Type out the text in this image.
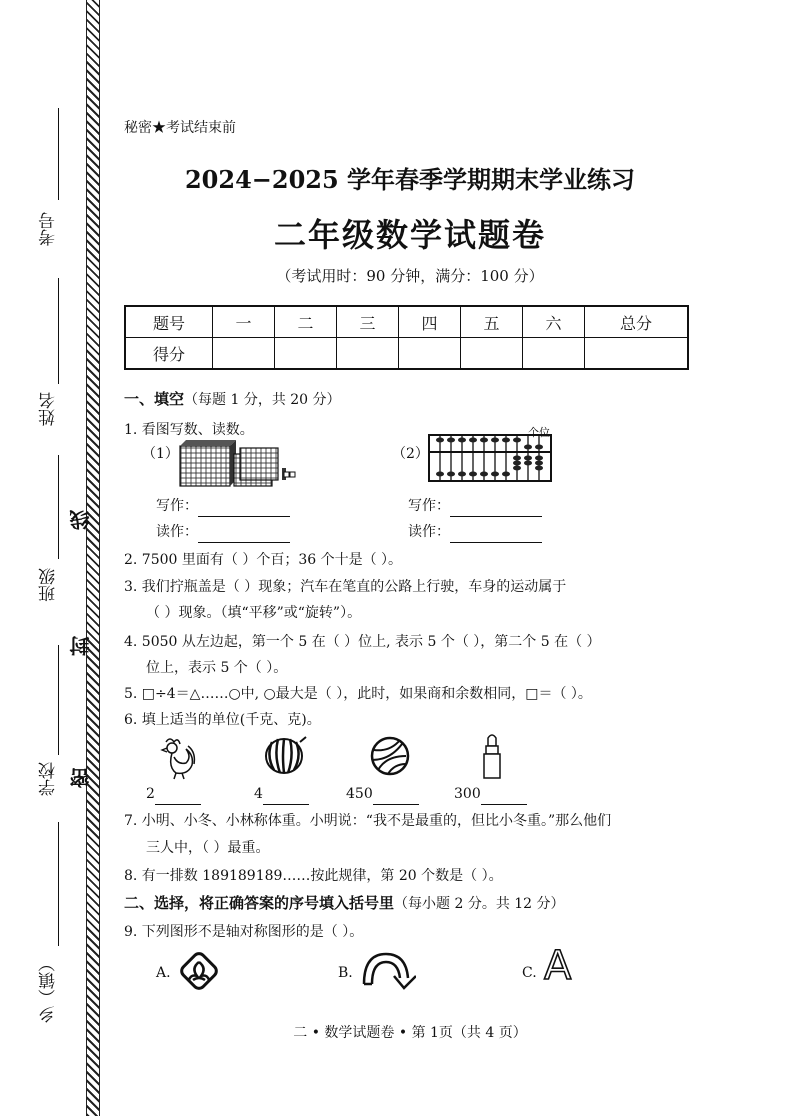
考号
姓名
班级
学校
乡（镇）
线
封
密
秘密★考试结束前
2024−2025 学年春季学期期末学业练习
二年级数学试题卷
（考试用时：90 分钟，满分：100 分）
题号	一	二	三	四	五	六	总分
得分							
一、填空（每题 1 分，共 20 分）
1. 看图写数、读数。
（1）	（2）
个位
写作：
读作：
写作：
读作：
2. 7500 里面有（ ）个百；36 个十是（ ）。
3. 我们拧瓶盖是（ ）现象；汽车在笔直的公路上行驶，车身的运动属于
（ ）现象。（填“平移”或“旋转”）。
4. 5050 从左边起，第一个 5 在（ ）位上, 表示 5 个（ ），第二个 5 在（ ）
位上，表示 5 个（ ）。
5. □÷4＝△……○中, ○最大是（ ），此时，如果商和余数相同，□＝（ ）。
6. 填上适当的单位(千克、克)。
2	4	450	300
7. 小明、小冬、小林称体重。小明说：“我不是最重的，但比小冬重。”那么他们
三人中，（ ）最重。
8. 有一排数 189189189……按此规律，第 20 个数是（ ）。
二、选择，将正确答案的序号填入括号里（每小题 2 分。共 12 分）
9. 下列图形不是轴对称图形的是（ ）。
A.	B.	C. A
二 • 数学试题卷 • 第 1页（共 4 页）
